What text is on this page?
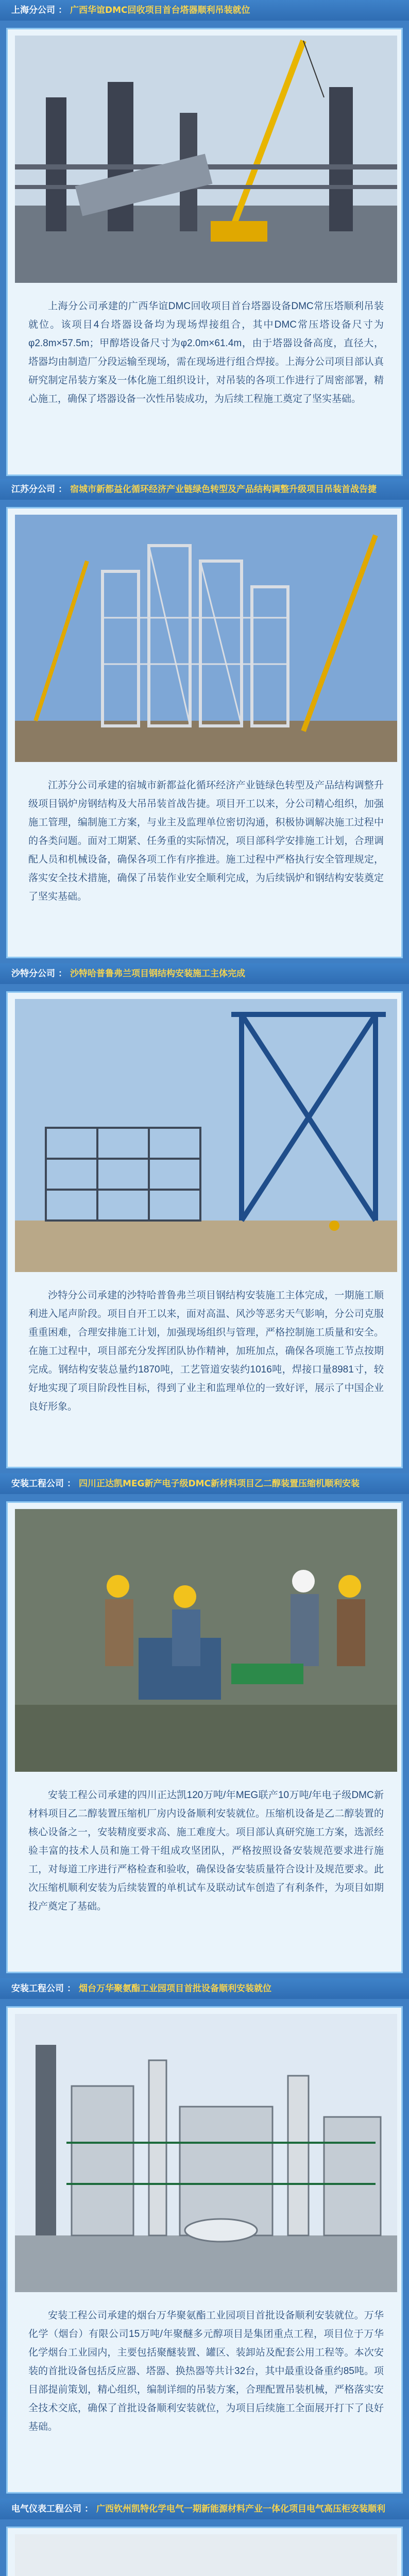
上海分公司 ： 广西华谊DMC回收项目首台塔器顺利吊装就位
上海分公司承建的广西华谊DMC回收项目首台塔器设备DMC常压塔顺利吊装就位。该项目4台塔器设备均为现场焊接组合，其中DMC常压塔设备尺寸为φ2.8m×57.5m；甲醇塔设备尺寸为φ2.0m×61.4m，由于塔器设备高度，直径大，塔器均由制造厂分段运输至现场，需在现场进行组合焊接。上海分公司项目部认真研究制定吊装方案及一体化施工组织设计，对吊装的各项工作进行了周密部署，精心施工，确保了塔器设备一次性吊装成功，为后续工程施工奠定了坚实基础。
江苏分公司 ： 宿城市新都益化循环经济产业链绿色转型及产品结构调整升级项目吊装首战告捷
江苏分公司承建的宿城市新都益化循环经济产业链绿色转型及产品结构调整升级项目锅炉房钢结构及大吊吊装首战告捷。项目开工以来，分公司精心组织，加强施工管理，编制施工方案，与业主及监理单位密切沟通，积极协调解决施工过程中的各类问题。面对工期紧、任务重的实际情况，项目部科学安排施工计划，合理调配人员和机械设备，确保各项工作有序推进。施工过程中严格执行安全管理规定，落实安全技术措施，确保了吊装作业安全顺利完成，为后续锅炉和钢结构安装奠定了坚实基础。
沙特分公司 ： 沙特哈普鲁弗兰项目钢结构安装施工主体完成
沙特分公司承建的沙特哈普鲁弗兰项目钢结构安装施工主体完成，一期施工顺利进入尾声阶段。项目自开工以来，面对高温、风沙等恶劣天气影响，分公司克服重重困难，合理安排施工计划，加强现场组织与管理，严格控制施工质量和安全。在施工过程中，项目部充分发挥团队协作精神，加班加点，确保各项施工节点按期完成。钢结构安装总量约1870吨，工艺管道安装约1016吨，焊接口量8981寸，较好地实现了项目阶段性目标，得到了业主和监理单位的一致好评，展示了中国企业良好形象。
安装工程公司 ： 四川正达凯MEG新产电子级DMC新材料项目乙二醇装置压缩机顺利安装
安装工程公司承建的四川正达凯120万吨/年MEG联产10万吨/年电子级DMC新材料项目乙二醇装置压缩机厂房内设备顺利安装就位。压缩机设备是乙二醇装置的核心设备之一，安装精度要求高、施工难度大。项目部认真研究施工方案，选派经验丰富的技术人员和施工骨干组成攻坚团队，严格按照设备安装规范要求进行施工，对每道工序进行严格检查和验收，确保设备安装质量符合设计及规范要求。此次压缩机顺利安装为后续装置的单机试车及联动试车创造了有利条件，为项目如期投产奠定了基础。
安装工程公司 ： 烟台万华聚氨酯工业园项目首批设备顺利安装就位
安装工程公司承建的烟台万华聚氨酯工业园项目首批设备顺利安装就位。万华化学（烟台）有限公司15万吨/年聚醚多元醇项目是集团重点工程，项目位于万华化学烟台工业园内，主要包括聚醚装置、罐区、装卸站及配套公用工程等。本次安装的首批设备包括反应器、塔器、换热器等共计32台，其中最重设备重约85吨。项目部提前策划，精心组织，编制详细的吊装方案，合理配置吊装机械，严格落实安全技术交底，确保了首批设备顺利安装就位，为项目后续施工全面展开打下了良好基础。
电气仪表工程公司 ： 广西钦州凯特化学电气一期新能源材料产业一体化项目电气高压柜安装顺利
